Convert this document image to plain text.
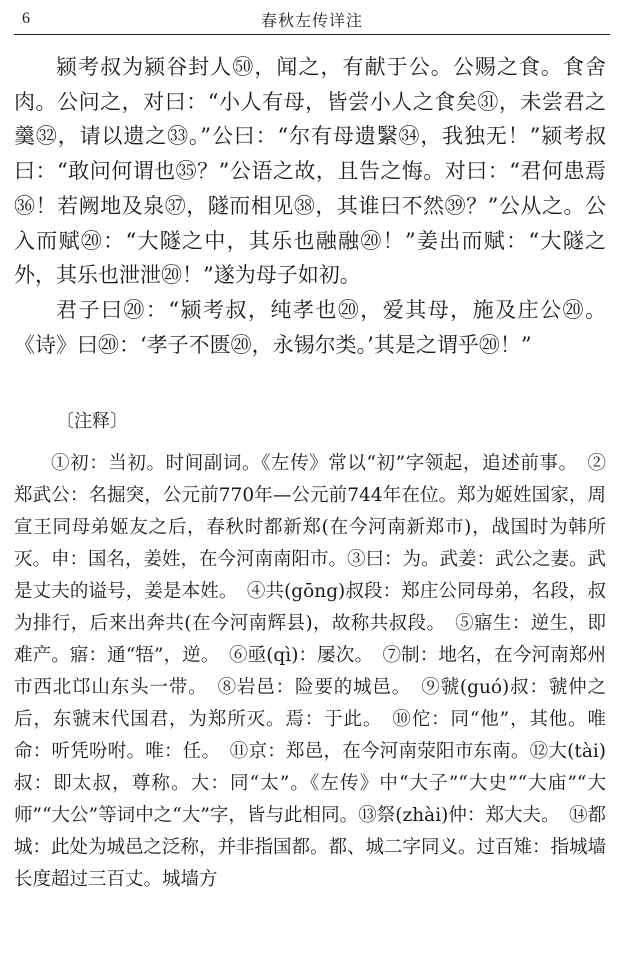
6	春秋左传详注

颍考叔为颍谷封人㊿，闻之，有献于公。公赐之食。食舍肉。公问之，对曰：“小人有母，皆尝小人之食矣㉛，未尝君之羹㉜，请以遗之㉝。”公曰：“尔有母遗繄㉞，我独无！”颍考叔曰：“敢问何谓也㉟？”公语之故，且告之悔。对曰：“君何患焉㊱！若阙地及泉㊲，隧而相见㊳，其谁曰不然㊴？”公从之。公入而赋⑳：“大隧之中，其乐也融融⑳！”姜出而赋：“大隧之外，其乐也泄泄⑳！”遂为母子如初。

君子曰⑳：“颍考叔，纯孝也⑳，爱其母，施及庄公⑳。《诗》曰⑳：‘孝子不匮⑳，永锡尔类。’其是之谓乎⑳！”

〔注释〕

①初：当初。时间副词。《左传》常以“初”字领起，追述前事。　②郑武公：名掘突，公元前770年—公元前744年在位。郑为姬姓国家，周宣王同母弟姬友之后，春秋时都新郑(在今河南新郑市)，战国时为韩所灭。申：国名，姜姓，在今河南南阳市。③曰：为。武姜：武公之妻。武是丈夫的谥号，姜是本姓。　④共(gōng)叔段：郑庄公同母弟，名段，叔为排行，后来出奔共(在今河南辉县)，故称共叔段。　⑤寤生：逆生，即难产。寤：通“牾”，逆。　⑥亟(qì)：屡次。　⑦制：地名，在今河南郑州市西北邙山东头一带。　⑧岩邑：险要的城邑。　⑨虢(guó)叔：虢仲之后，东虢末代国君，为郑所灭。焉：于此。　⑩佗：同“他”，其他。唯命：听凭吩咐。唯：任。　⑪京：郑邑，在今河南荥阳市东南。⑫大(tài)叔：即太叔，尊称。大：同“太”。《左传》中“大子”“大史”“大庙”“大师”“大公”等词中之“大”字，皆与此相同。⑬祭(zhài)仲：郑大夫。　⑭都城：此处为城邑之泛称，并非指国都。都、城二字同义。过百雉：指城墙长度超过三百丈。城墙方
